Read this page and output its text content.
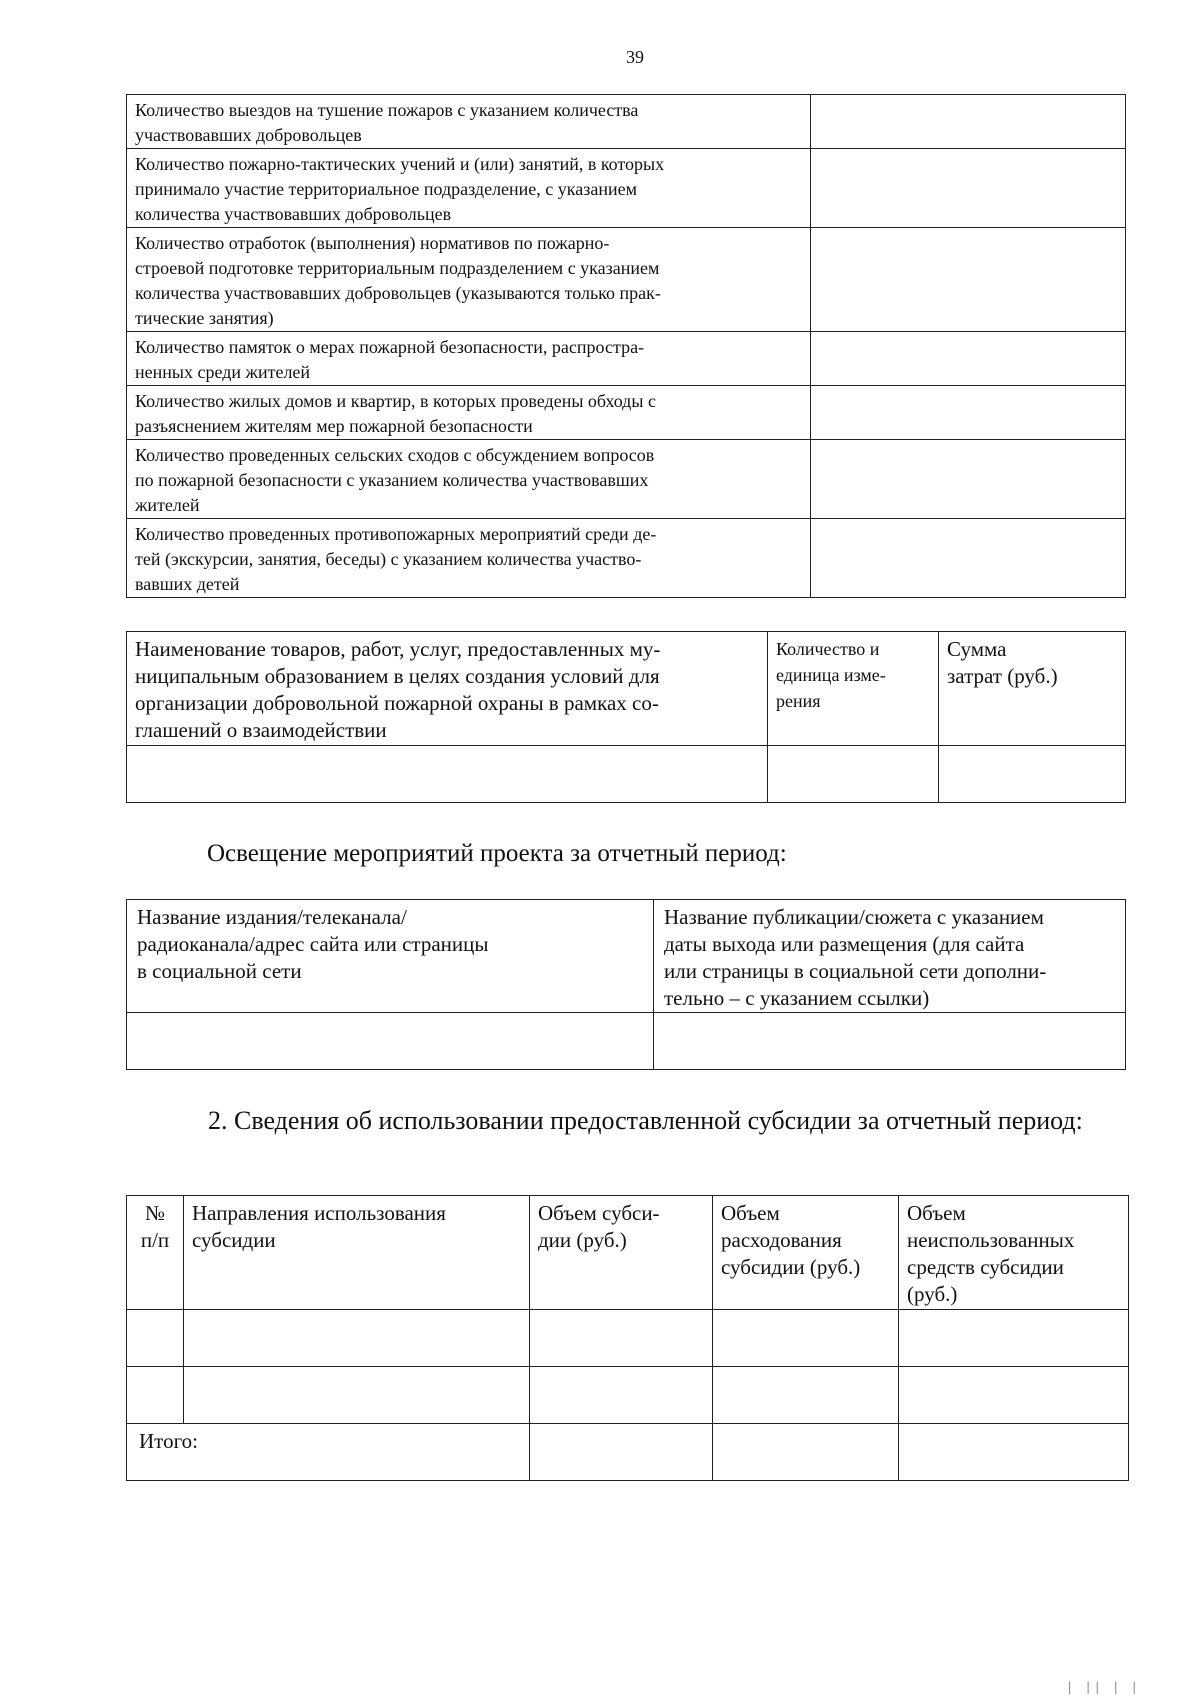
39
Количество выездов на тушение пожаров с указанием количества
участвовавших добровольцев	

Количество пожарно-тактических учений и (или) занятий, в которых
принимало участие территориальное подразделение, с указанием
количества участвовавших добровольцев	

Количество отработок (выполнения) нормативов по пожарно-
строевой подготовке территориальным подразделением с указанием
количества участвовавших добровольцев (указываются только прак-
тические занятия)	

Количество памяток о мерах пожарной безопасности, распростра-
ненных среди жителей	

Количество жилых домов и квартир, в которых проведены обходы с
разъяснением жителям мер пожарной безопасности	

Количество проведенных сельских сходов с обсуждением вопросов
по пожарной безопасности с указанием количества участвовавших
жителей	

Количество проведенных противопожарных мероприятий среди де-
тей (экскурсии, занятия, беседы) с указанием количества участво-
вавших детей	

Наименование товаров, работ, услуг, предоставленных му-
ниципальным образованием в целях создания условий для
организации добровольной пожарной охраны в рамках со-
глашений о взаимодействии	Количество и
единица изме-
рения	Сумма
затрат (руб.)

Освещение мероприятий проекта за отчетный период:
Название издания/телеканала/
радиоканала/адрес сайта или страницы
в социальной сети	Название публикации/сюжета с указанием
даты выхода или размещения (для сайта
или страницы в социальной сети дополни-
тельно – с указанием ссылки)

2. Сведения об использовании предоставленной субсидии за отчетный период:
№
п/п	Направления использования
субсидии	Объем субси-
дии (руб.)	Объем
расходования
субсидии (руб.)	Объем
неиспользованных
средств субсидии
(руб.)

Итого:				
| || | |
